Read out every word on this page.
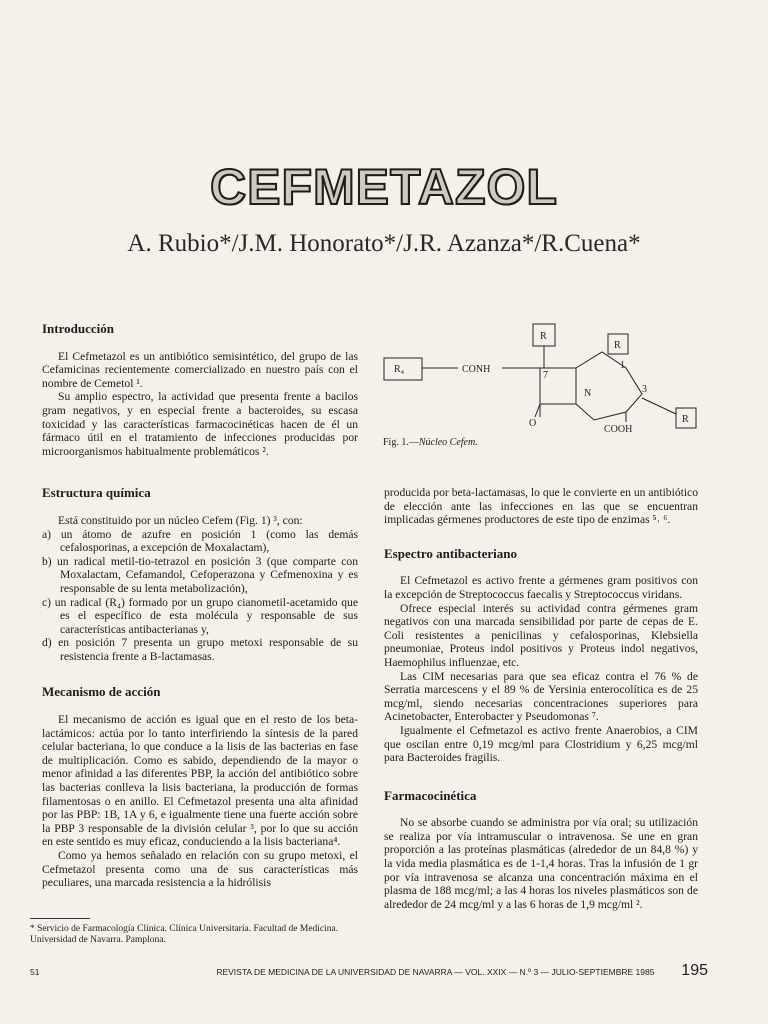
CEFMETAZOL
A. Rubio*/J.M. Honorato*/J.R. Azanza*/R.Cuena*
Introducción

El Cefmetazol es un antibiótico semisintético, del grupo de las Cefamicinas recientemente comercializado en nuestro país con el nombre de Cemetol ¹.

Su amplio espectro, la actividad que presenta frente a bacilos gram negativos, y en especial frente a bacteroides, su escasa toxicidad y las características farmacocinéticas hacen de él un fármaco útil en el tratamiento de infecciones producidas por microorganismos habitualmente problemáticos ².

Estructura química

Está constituido por un núcleo Cefem (Fig. 1) ³, con:

a) un átomo de azufre en posición 1 (como las demás cefalosporinas, a excepción de Moxalactam),
b) un radical metil-tio-tetrazol en posición 3 (que comparte con Moxalactam, Cefamandol, Cefoperazona y Cefmenoxina y es responsable de su lenta metabolización),
c) un radical (R₄) formado por un grupo cianometil-acetamido que es el específico de esta molécula y responsable de sus características antibacterianas y,
d) en posición 7 presenta un grupo metoxi responsable de su resistencia frente a B-lactamasas.
Mecanismo de acción

El mecanismo de acción es igual que en el resto de los beta-lactámicos: actúa por lo tanto interfiriendo la síntesis de la pared celular bacteriana, lo que conduce a la lisis de las bacterias en fase de multiplicación. Como es sabido, dependiendo de la mayor o menor afinidad a las diferentes PBP, la acción del antibiótico sobre las bacterias conlleva la lisis bacteriana, la producción de formas filamentosas o en anillo. El Cefmetazol presenta una alta afinidad por las PBP: 1B, 1A y 6, e igualmente tiene una fuerte acción sobre la PBP 3 responsable de la división celular ³, por lo que su acción en este sentido es muy eficaz, conduciendo a la lisis bacteriana⁴.

Como ya hemos señalado en relación con su grupo metoxi, el Cefmetazol presenta como una de sus características más peculiares, una marcada resistencia a la hidrólisis

R₄	CONH
R
R
R
7
1
3
N
O
COOH
Fig. 1.—Núcleo Cefem.

producida por beta-lactamasas, lo que le convierte en un antibiótico de elección ante las infecciones en las que se encuentran implicadas gérmenes productores de este tipo de enzimas ⁵˒ ⁶.

Espectro antibacteriano

El Cefmetazol es activo frente a gérmenes gram positivos con la excepción de Streptococcus faecalis y Streptococcus viridans.

Ofrece especial interés su actividad contra gérmenes gram negativos con una marcada sensibilidad por parte de cepas de E. Coli resistentes a penicilinas y cefalosporinas, Klebsiella pneumoniae, Proteus indol positivos y Proteus indol negativos, Haemophilus influenzae, etc.

Las CIM necesarias para que sea eficaz contra el 76 % de Serratia marcescens y el 89 % de Yersinia enterocolítica es de 25 mcg/ml, siendo necesarias concentraciones superiores para Acinetobacter, Enterobacter y Pseudomonas ⁷.

Igualmente el Cefmetazol es activo frente Anaerobios, a CIM que oscilan entre 0,19 mcg/ml para Clostridium y 6,25 mcg/ml para Bacteroides fragilis.

Farmacocinética

No se absorbe cuando se administra por vía oral; su utilización se realiza por vía intramuscular o intravenosa. Se une en gran proporción a las proteínas plasmáticas (alrededor de un 84,8 %) y la vida media plasmática es de 1-1,4 horas. Tras la infusión de 1 gr por vía intravenosa se alcanza una concentración máxima en el plasma de 188 mcg/ml; a las 4 horas los niveles plasmáticos son de alrededor de 24 mcg/ml y a las 6 horas de 1,9 mcg/ml ².

* Servicio de Farmacología Clínica. Clínica Universitaria. Facultad de Medicina. Universidad de Navarra. Pamplona.
51	REVISTA DE MEDICINA DE LA UNIVERSIDAD DE NAVARRA — VOL. XXIX — N.º 3 — JULIO-SEPTIEMBRE 1985 195
